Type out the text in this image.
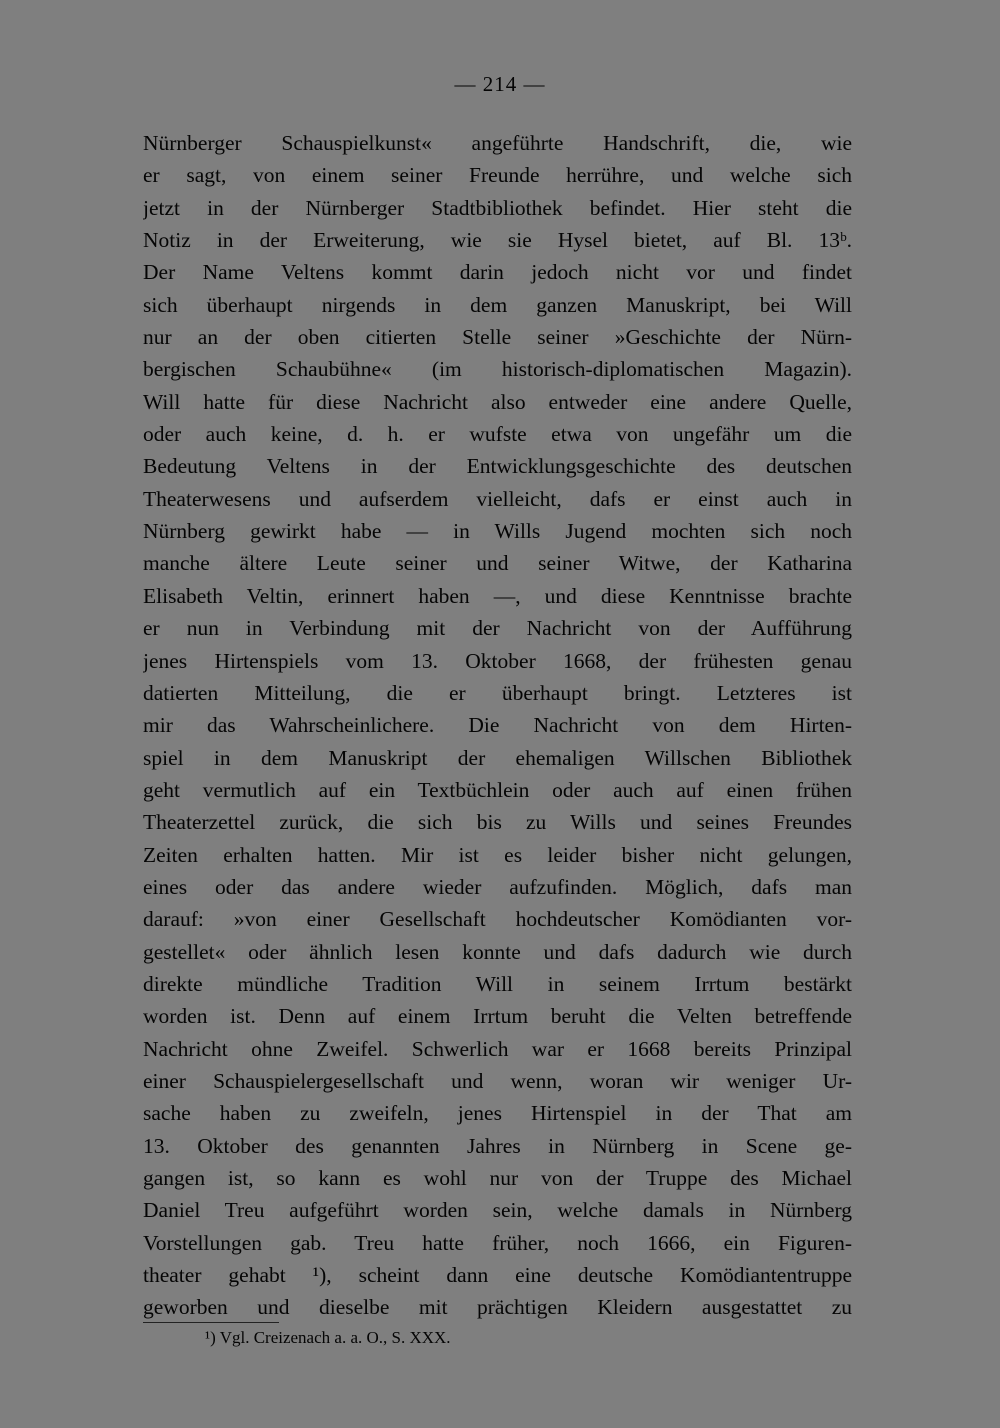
— 214 —
Nürnberger Schauspielkunst« angeführte Handschrift, die, wie
er sagt, von einem seiner Freunde herrühre, und welche sich
jetzt in der Nürnberger Stadtbibliothek befindet. Hier steht die
Notiz in der Erweiterung, wie sie Hysel bietet, auf Bl. 13ᵇ.
Der Name Veltens kommt darin jedoch nicht vor und findet
sich überhaupt nirgends in dem ganzen Manuskript, bei Will
nur an der oben citierten Stelle seiner »Geschichte der Nürn-
bergischen Schaubühne« (im historisch-diplomatischen Magazin).
Will hatte für diese Nachricht also entweder eine andere Quelle,
oder auch keine, d. h. er wufste etwa von ungefähr um die
Bedeutung Veltens in der Entwicklungsgeschichte des deutschen
Theaterwesens und aufserdem vielleicht, dafs er einst auch in
Nürnberg gewirkt habe — in Wills Jugend mochten sich noch
manche ältere Leute seiner und seiner Witwe, der Katharina
Elisabeth Veltin, erinnert haben —, und diese Kenntnisse brachte
er nun in Verbindung mit der Nachricht von der Aufführung
jenes Hirtenspiels vom 13. Oktober 1668, der frühesten genau
datierten Mitteilung, die er überhaupt bringt. Letzteres ist
mir das Wahrscheinlichere. Die Nachricht von dem Hirten-
spiel in dem Manuskript der ehemaligen Willschen Bibliothek
geht vermutlich auf ein Textbüchlein oder auch auf einen frühen
Theaterzettel zurück, die sich bis zu Wills und seines Freundes
Zeiten erhalten hatten. Mir ist es leider bisher nicht gelungen,
eines oder das andere wieder aufzufinden. Möglich, dafs man
darauf: »von einer Gesellschaft hochdeutscher Komödianten vor-
gestellet« oder ähnlich lesen konnte und dafs dadurch wie durch
direkte mündliche Tradition Will in seinem Irrtum bestärkt
worden ist. Denn auf einem Irrtum beruht die Velten betreffende
Nachricht ohne Zweifel. Schwerlich war er 1668 bereits Prinzipal
einer Schauspielergesellschaft und wenn, woran wir weniger Ur-
sache haben zu zweifeln, jenes Hirtenspiel in der That am
13. Oktober des genannten Jahres in Nürnberg in Scene ge-
gangen ist, so kann es wohl nur von der Truppe des Michael
Daniel Treu aufgeführt worden sein, welche damals in Nürnberg
Vorstellungen gab. Treu hatte früher, noch 1666, ein Figuren-
theater gehabt ¹), scheint dann eine deutsche Komödiantentruppe
geworben und dieselbe mit prächtigen Kleidern ausgestattet zu
¹) Vgl. Creizenach a. a. O., S. XXX.
